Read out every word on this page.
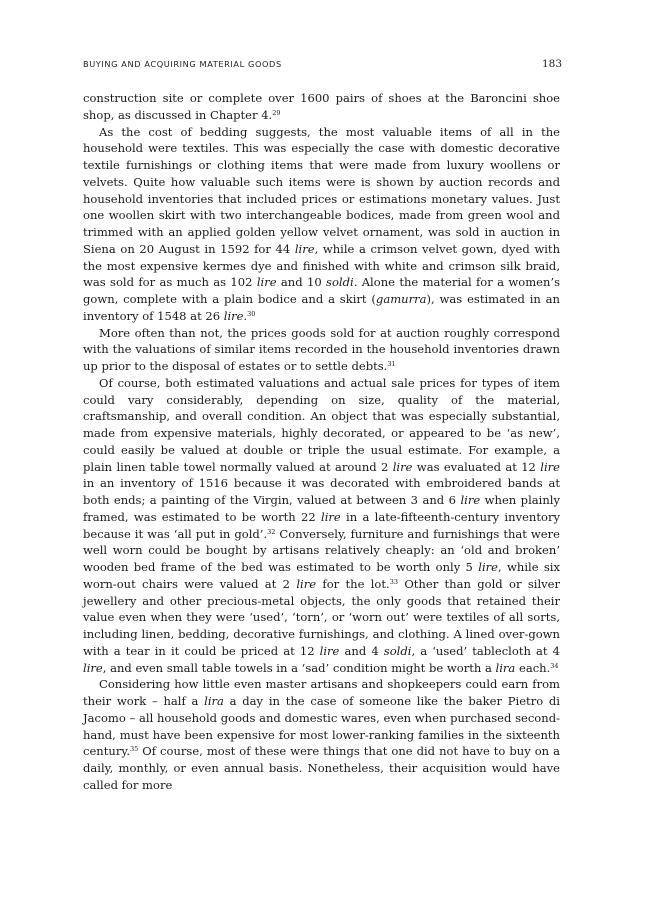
BUYING AND ACQUIRING MATERIAL GOODS	183

construction site or complete over 1600 pairs of shoes at the Baroncini shoe shop, as discussed in Chapter 4.29

As the cost of bedding suggests, the most valuable items of all in the household were textiles. This was especially the case with domestic decorative textile furnishings or clothing items that were made from luxury woollens or velvets. Quite how valuable such items were is shown by auction records and household inventories that included prices or estimations monetary values. Just one woollen skirt with two interchangeable bodices, made from green wool and trimmed with an applied golden yellow velvet ornament, was sold in auction in Siena on 20 August in 1592 for 44 lire, while a crimson velvet gown, dyed with the most expensive kermes dye and finished with white and crimson silk braid, was sold for as much as 102 lire and 10 soldi. Alone the material for a women’s gown, complete with a plain bodice and a skirt (gamurra), was estimated in an inventory of 1548 at 26 lire.$^{30}$

More often than not, the prices goods sold for at auction roughly correspond with the valuations of similar items recorded in the household inventories drawn up prior to the disposal of estates or to settle debts.$^{31}$

Of course, both estimated valuations and actual sale prices for types of item could vary considerably, depending on size, quality of the material, craftsmanship, and overall condition. An object that was especially substantial, made from expensive materials, highly decorated, or appeared to be ‘as new’, could easily be valued at double or triple the usual estimate. For example, a plain linen table towel normally valued at around 2 lire was evaluated at 12 lire in an inventory of 1516 because it was decorated with embroidered bands at both ends; a painting of the Virgin, valued at between 3 and 6 lire when plainly framed, was estimated to be worth 22 lire in a late-fifteenth-century inventory because it was ‘all put in gold’.$^{32}$ Conversely, furniture and furnishings that were well worn could be bought by artisans relatively cheaply: an ‘old and broken’ wooden bed frame of the bed was estimated to be worth only 5 lire, while six worn-out chairs were valued at 2 lire for the lot.$^{33}$ Other than gold or silver jewellery and other precious-metal objects, the only goods that retained their value even when they were ‘used’, ‘torn’, or ‘worn out’ were textiles of all sorts, including linen, bedding, decorative furnishings, and clothing. A lined over-gown with a tear in it could be priced at 12 lire and 4 soldi, a ‘used’ tablecloth at 4 lire, and even small table towels in a ‘sad’ condition might be worth a lira each.$^{34}$

Considering how little even master artisans and shopkeepers could earn from their work – half a lira a day in the case of someone like the baker Pietro di Jacomo – all household goods and domestic wares, even when purchased second-hand, must have been expensive for most lower-ranking families in the sixteenth century.$^{35}$ Of course, most of these were things that one did not have to buy on a daily, monthly, or even annual basis. Nonetheless, their acquisition would have called for more
